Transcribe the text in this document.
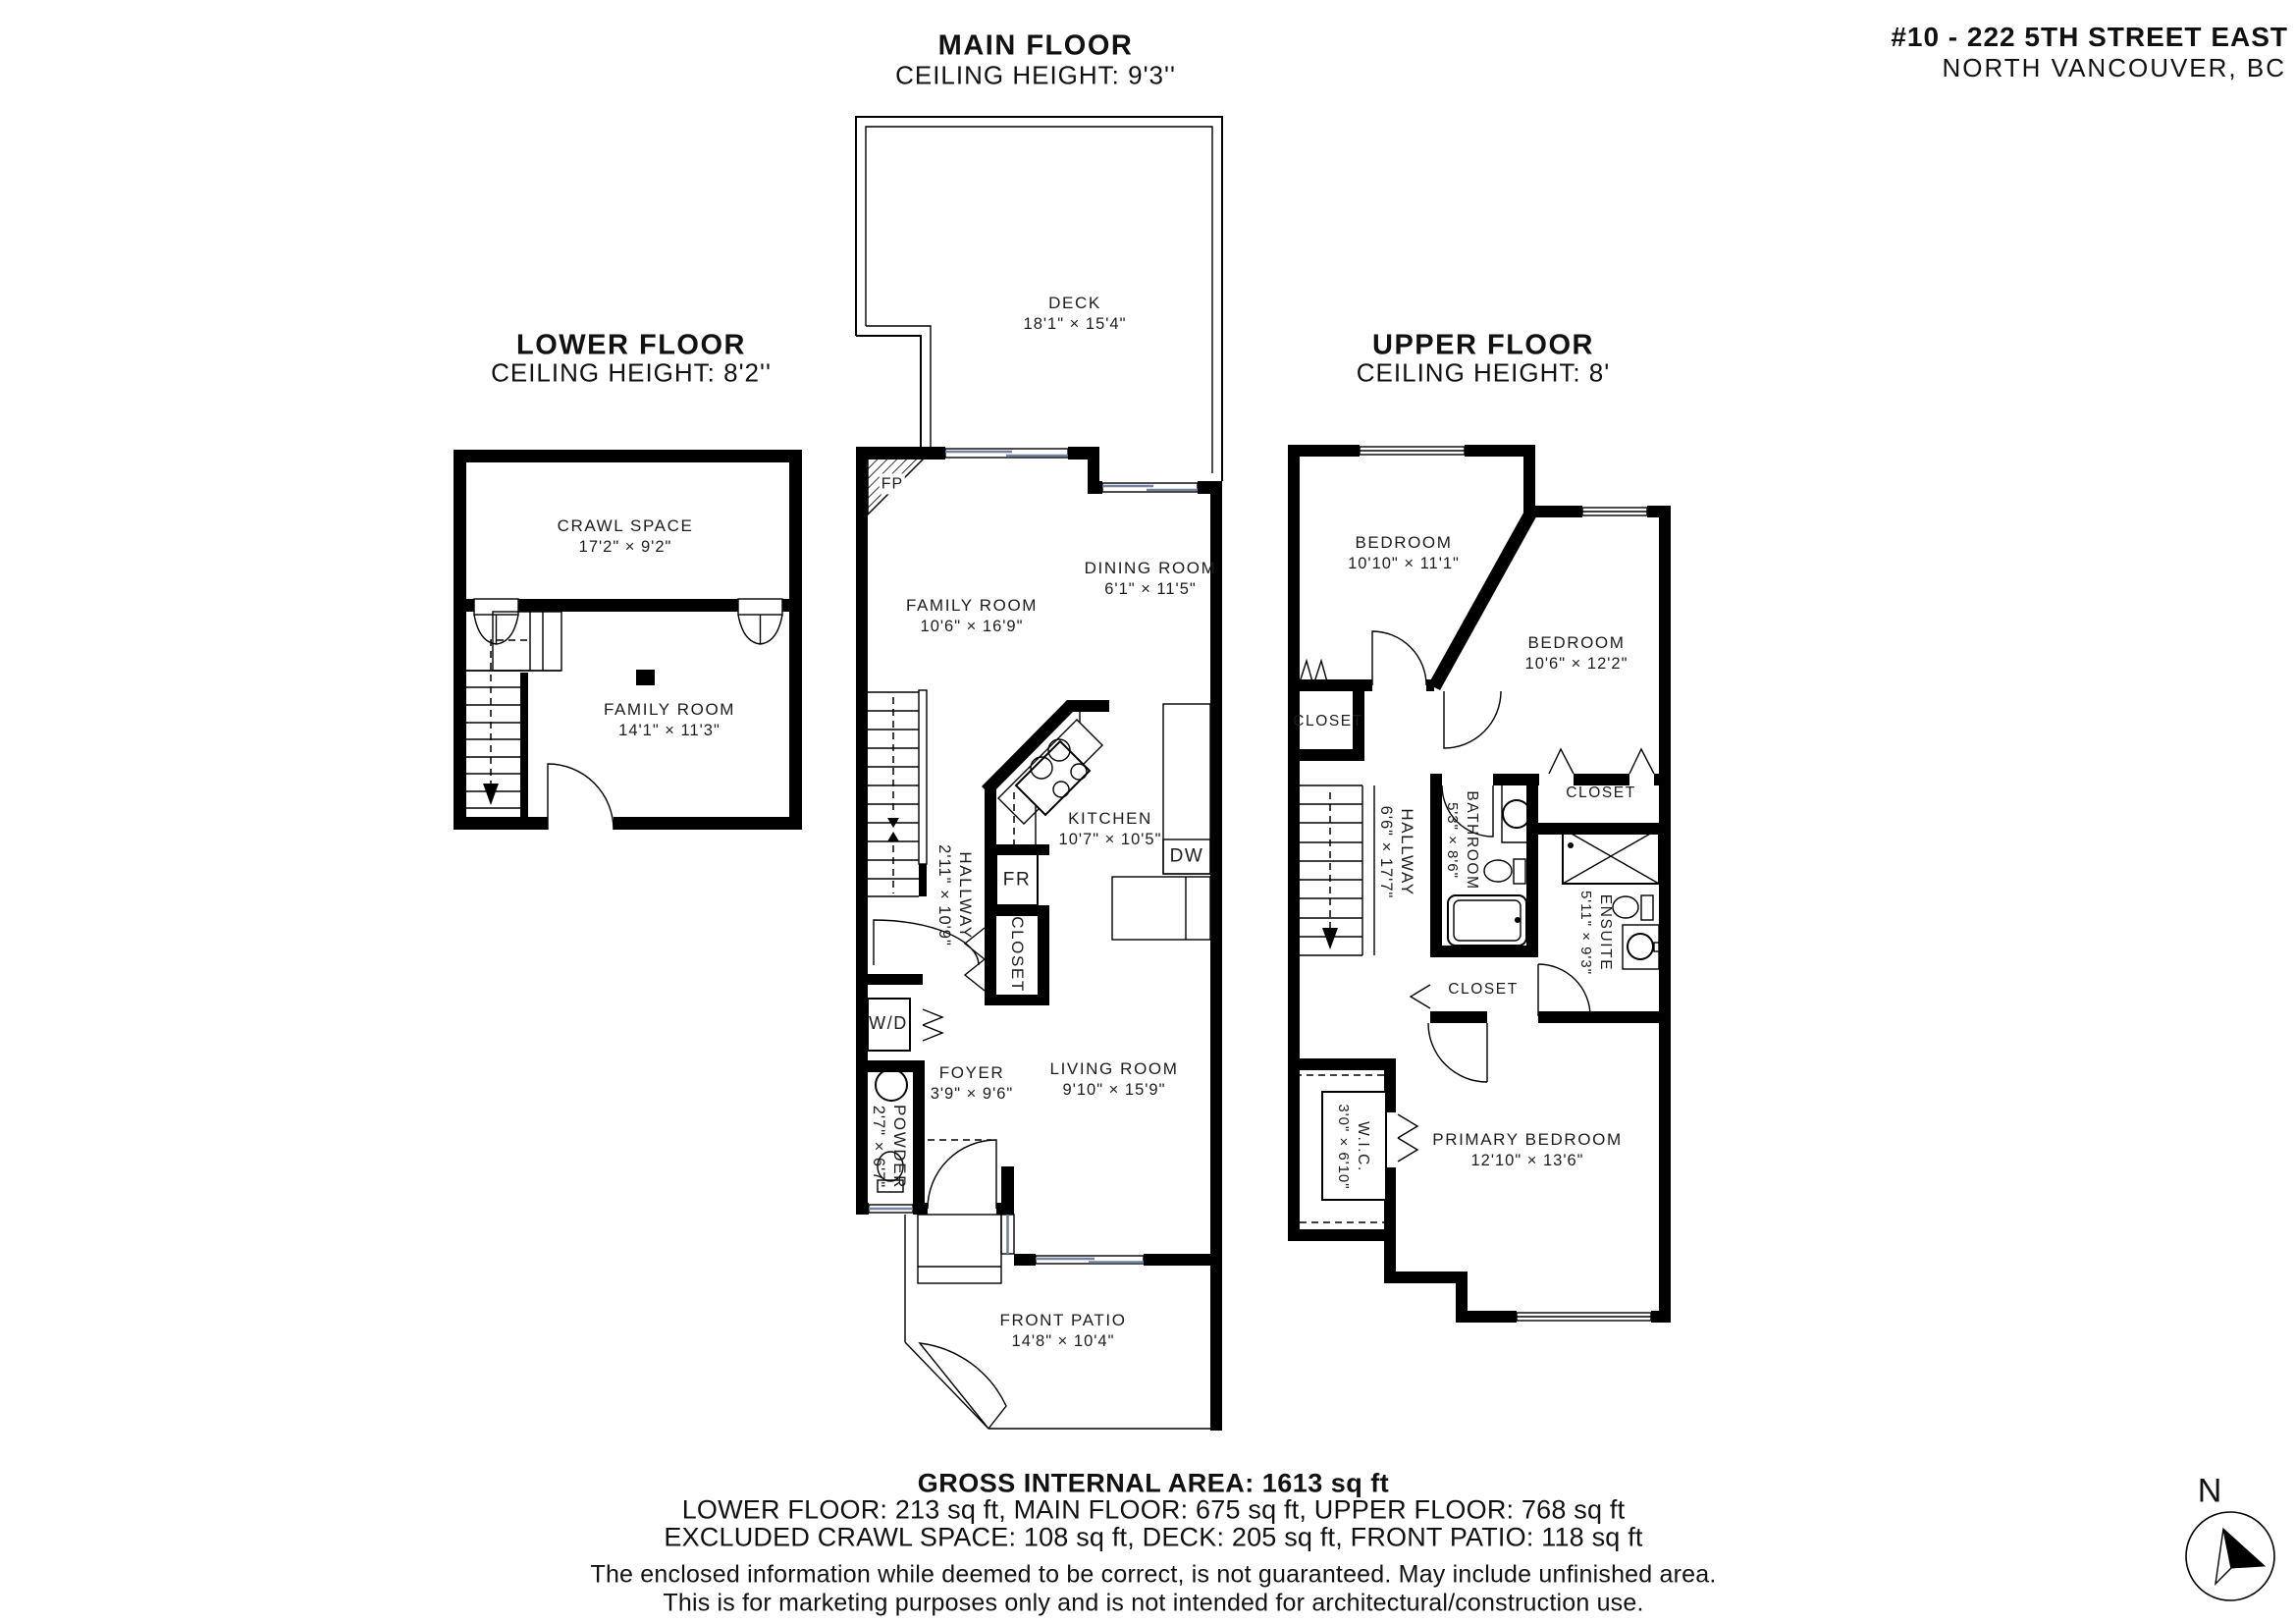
MAIN FLOOR
CEILING HEIGHT: 9'3''
#10 - 222 5TH STREET EAST
NORTH VANCOUVER, BC
LOWER FLOOR
CEILING HEIGHT: 8'2''
UPPER FLOOR
CEILING HEIGHT: 8'
CRAWL SPACE
17'2" × 9'2"
FAMILY ROOM
14'1" × 11'3"
DECK
18'1" × 15'4"
FAMILY ROOM
10'6" × 16'9"
DINING ROOM
6'1" × 11'5"
KITCHEN
10'7" × 10'5"
HALLWAY
2'11" × 10'9"
CLOSET
FOYER
3'9" × 9'6"
POWDER
2'7" × 6'7"
LIVING ROOM
9'10" × 15'9"
FRONT PATIO
14'8" × 10'4"
BEDROOM
10'10" × 11'1"
BEDROOM
10'6" × 12'2"
CLOSET
CLOSET
HALLWAY
6'6" × 17'7"	BATHROOM
5'3" × 8'6"
ENSUITE
5'11" × 9'3"
CLOSET
W.I.C.
3'0" × 6'10"	PRIMARY BEDROOM
12'10" × 13'6"
FP
FR
DW
W/D
GROSS INTERNAL AREA: 1613 sq ft
LOWER FLOOR: 213 sq ft, MAIN FLOOR: 675 sq ft, UPPER FLOOR: 768 sq ft
EXCLUDED CRAWL SPACE: 108 sq ft, DECK: 205 sq ft, FRONT PATIO: 118 sq ft
The enclosed information while deemed to be correct, is not guaranteed. May include unfinished area.
This is for marketing purposes only and is not intended for architectural/construction use.
N
